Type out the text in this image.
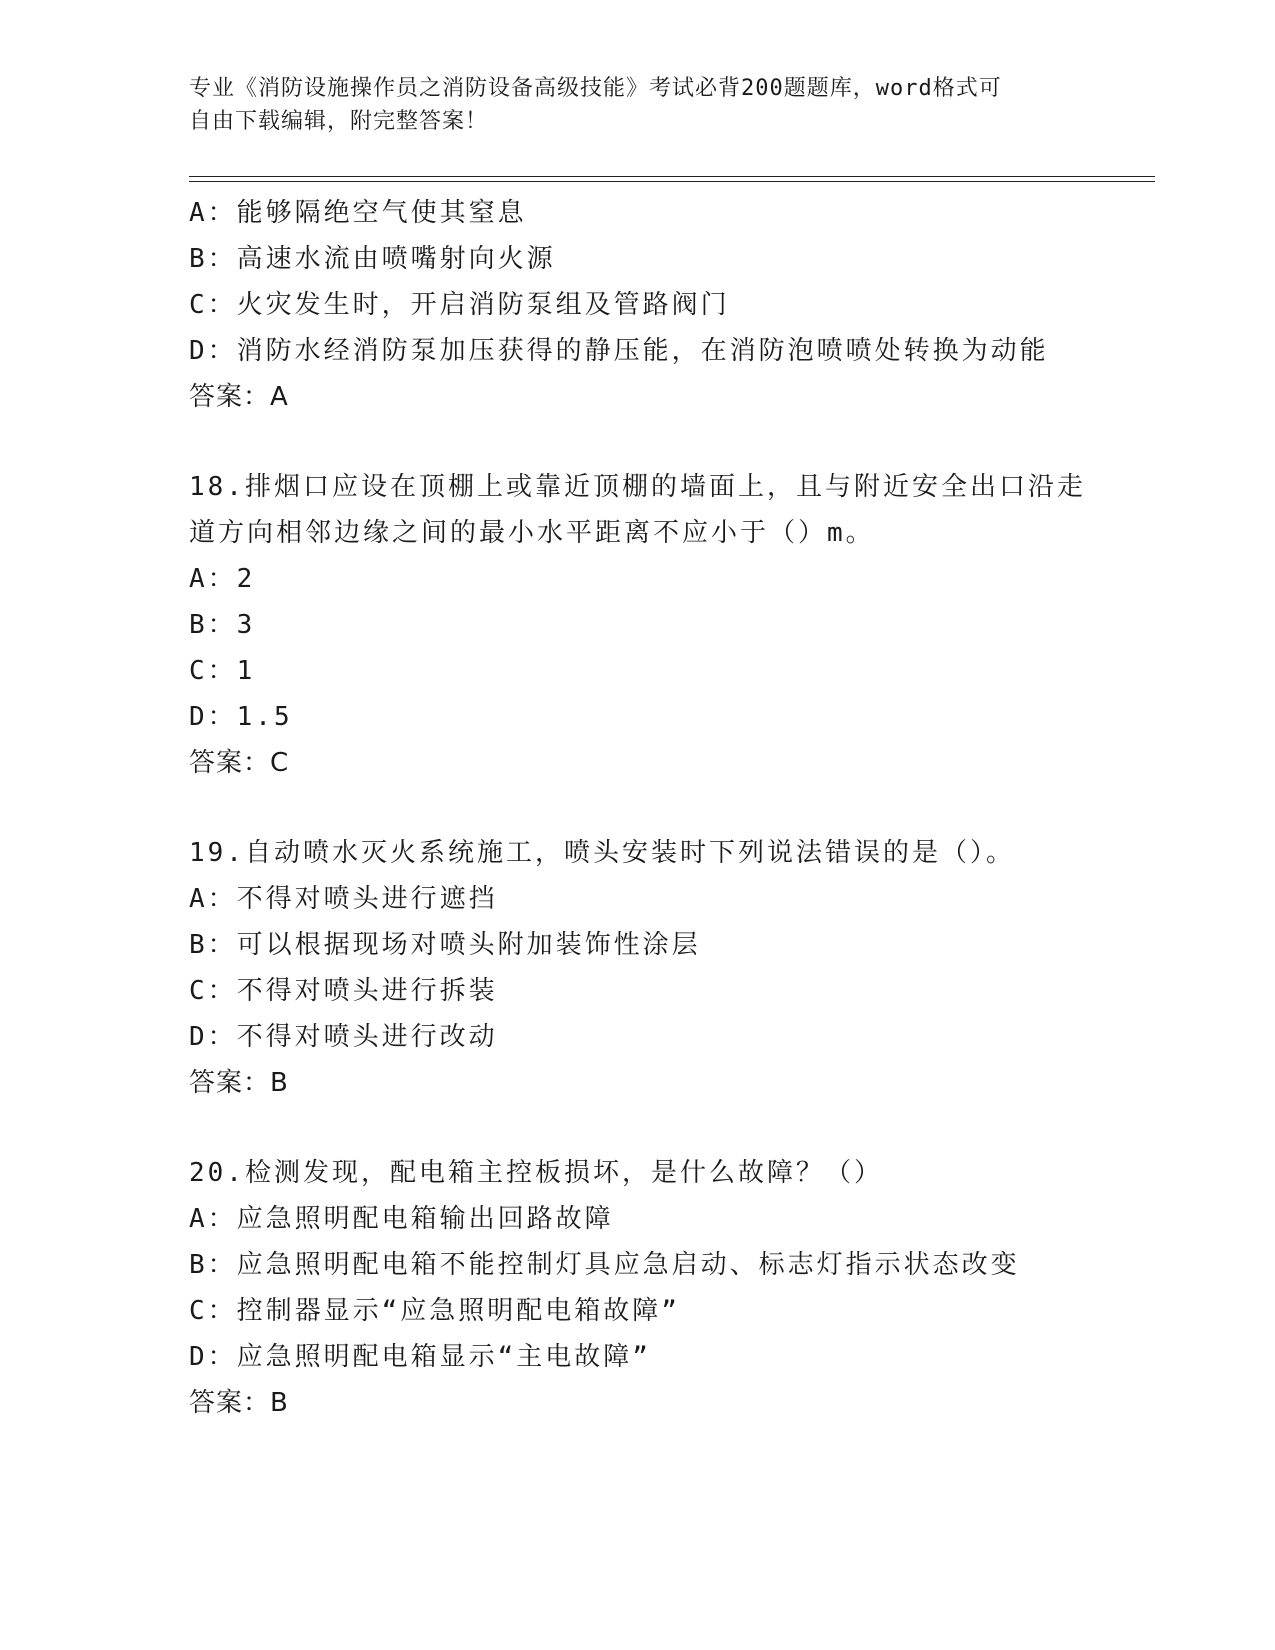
专业《消防设施操作员之消防设备高级技能》考试必背200题题库，word格式可
自由下载编辑，附完整答案！
A：能够隔绝空气使其窒息
B：高速水流由喷嘴射向火源
C：火灾发生时，开启消防泵组及管路阀门
D：消防水经消防泵加压获得的静压能，在消防泡喷喷处转换为动能
答案：A
18.排烟口应设在顶棚上或靠近顶棚的墙面上，且与附近安全出口沿走
道方向相邻边缘之间的最小水平距离不应小于（）m。
A：2
B：3
C：1
D：1.5
答案：C
19.自动喷水灭火系统施工，喷头安装时下列说法错误的是（）。
A：不得对喷头进行遮挡
B：可以根据现场对喷头附加装饰性涂层
C：不得对喷头进行拆装
D：不得对喷头进行改动
答案：B
20.检测发现，配电箱主控板损坏，是什么故障？（）
A：应急照明配电箱输出回路故障
B：应急照明配电箱不能控制灯具应急启动、标志灯指示状态改变
C：控制器显示“应急照明配电箱故障”
D：应急照明配电箱显示“主电故障”
答案：B
